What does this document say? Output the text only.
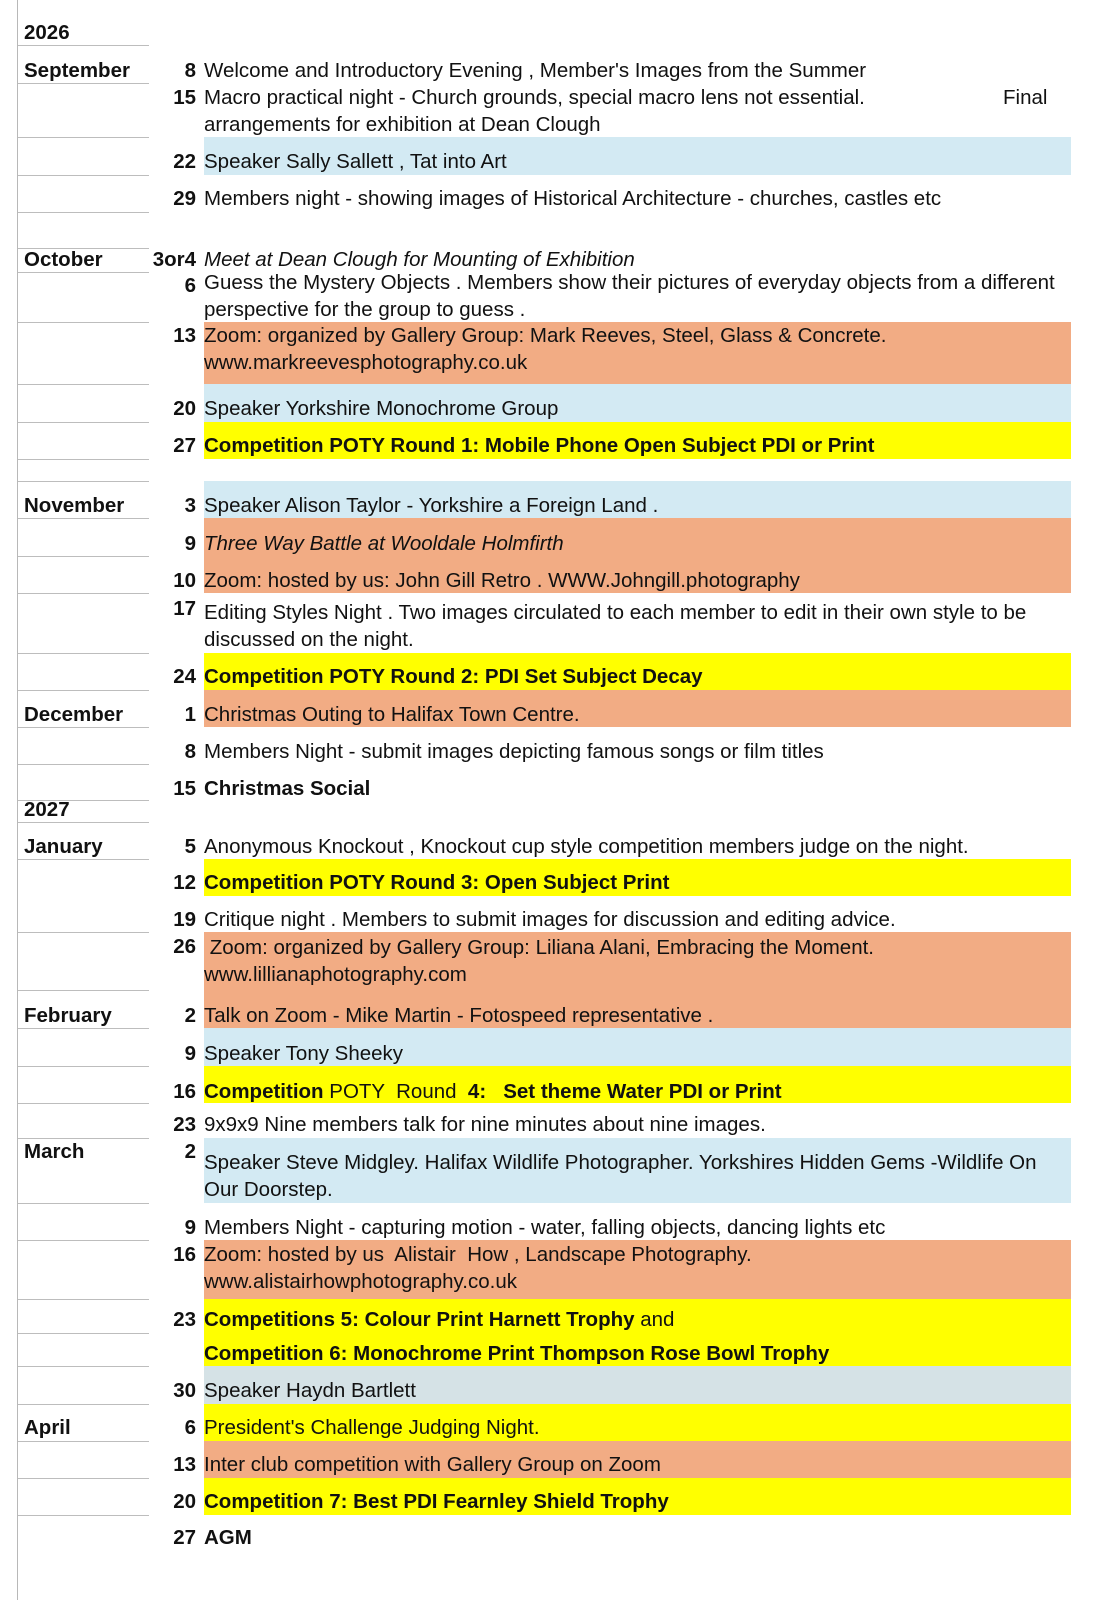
2026
September
October
November
December
2027
January
February
March
April
8 Welcome and Introductory Evening , Member's Images from the Summer
15 Macro practical night - Church grounds, special macro lens not essential.	Final
arrangements for exhibition at Dean Clough
22 Speaker Sally Sallett , Tat into Art
29 Members night - showing images of Historical Architecture - churches, castles etc
3or4 Meet at Dean Clough for Mounting of Exhibition
6 Guess the Mystery Objects . Members show their pictures of everyday objects from a different perspective for the group to guess .
13 Zoom: organized by Gallery Group: Mark Reeves, Steel, Glass & Concrete.
www.markreevesphotography.co.uk
20 Speaker Yorkshire Monochrome Group
27 Competition POTY Round 1: Mobile Phone Open Subject PDI or Print
3 Speaker Alison Taylor - Yorkshire a Foreign Land .
9 Three Way Battle at Wooldale Holmfirth
10 Zoom: hosted by us: John Gill Retro . WWW.Johngill.photography
17 Editing Styles Night . Two images circulated to each member to edit in their own style to be discussed on the night.
24 Competition POTY Round 2: PDI Set Subject Decay
1 Christmas Outing to Halifax Town Centre.
8 Members Night - submit images depicting famous songs or film titles
15 Christmas Social
5 Anonymous Knockout , Knockout cup style competition members judge on the night.
12 Competition POTY Round 3: Open Subject Print
19 Critique night . Members to submit images for discussion and editing advice.
26 Zoom: organized by Gallery Group: Liliana Alani, Embracing the Moment.
www.lillianaphotography.com
2 Talk on Zoom - Mike Martin - Fotospeed representative .
9 Speaker Tony Sheeky
16 Competition POTY  Round  4:   Set theme Water PDI or Print
23 9x9x9 Nine members talk for nine minutes about nine images.
2 Speaker Steve Midgley. Halifax Wildlife Photographer. Yorkshires Hidden Gems -Wildlife On Our Doorstep.
9 Members Night - capturing motion - water, falling objects, dancing lights etc
16 Zoom: hosted by us  Alistair  How , Landscape Photography.
www.alistairhowphotography.co.uk
23 Competitions 5: Colour Print Harnett Trophy and
Competition 6: Monochrome Print Thompson Rose Bowl Trophy
30 Speaker Haydn Bartlett
6 President's Challenge Judging Night.
13 Inter club competition with Gallery Group on Zoom
20 Competition 7: Best PDI Fearnley Shield Trophy
27 AGM
